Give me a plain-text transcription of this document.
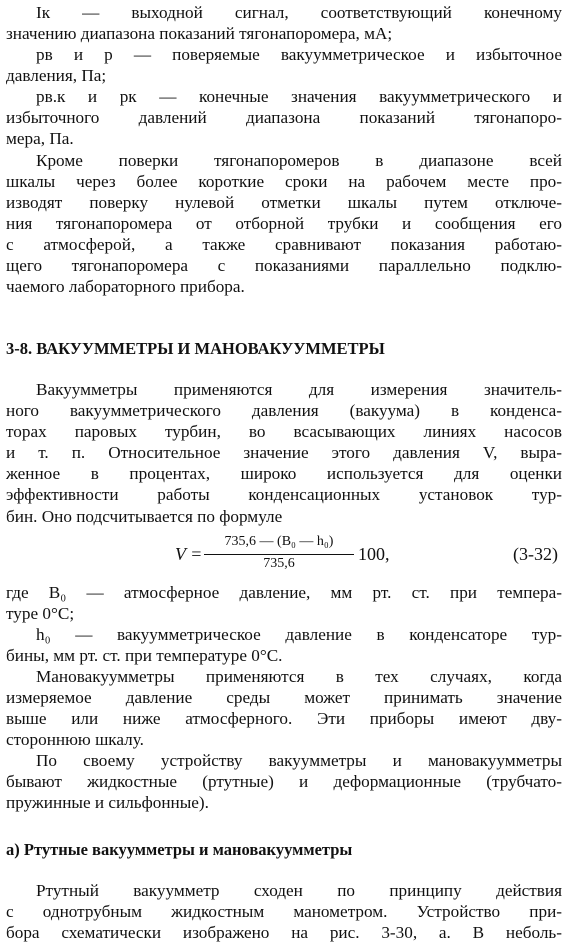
Iк — выходной сигнал, соответствующий конечному
значению диапазона показаний тягонапоромера, мА;
pв и p — поверяемые вакуумметрическое и избыточное
давления, Па;
pв.к и pк — конечные значения вакуумметрического и
избыточного давлений диапазона показаний тягонапоро-
мера, Па.
Кроме поверки тягонапоромеров в диапазоне всей
шкалы через более короткие сроки на рабочем месте про-
изводят поверку нулевой отметки шкалы путем отключе-
ния тягонапоромера от отборной трубки и сообщения его
с атмосферой, а также сравнивают показания работаю-
щего тягонапоромера с показаниями параллельно подклю-
чаемого лабораторного прибора.
3-8. ВАКУУММЕТРЫ И МАНОВАКУУММЕТРЫ
Вакуумметры применяются для измерения значитель-
ного вакуумметрического давления (вакуума) в конденса-
торах паровых турбин, во всасывающих линиях насосов
и т. п. Относительное значение этого давления V, выра-
женное в процентах, широко используется для оценки
эффективности работы конденсационных установок тур-
бин. Оно подсчитывается по формуле
V =
735,6 — (B₀ — h₀)
735,6	100,	(3-32)
где B₀ — атмосферное давление, мм рт. ст. при темпера-
туре 0°C;
h₀ — вакуумметрическое давление в конденсаторе тур-
бины, мм рт. ст. при температуре 0°C.
Мановакуумметры применяются в тех случаях, когда
измеряемое давление среды может принимать значение
выше или ниже атмосферного. Эти приборы имеют дву-
стороннюю шкалу.
По своему устройству вакуумметры и мановакуумметры
бывают жидкостные (ртутные) и деформационные (трубчато-
пружинные и сильфонные).
а) Ртутные вакуумметры и мановакуумметры
Ртутный вакуумметр сходен по принципу действия
с однотрубным жидкостным манометром. Устройство при-
бора схематически изображено на рис. 3-30, а. В неболь-
